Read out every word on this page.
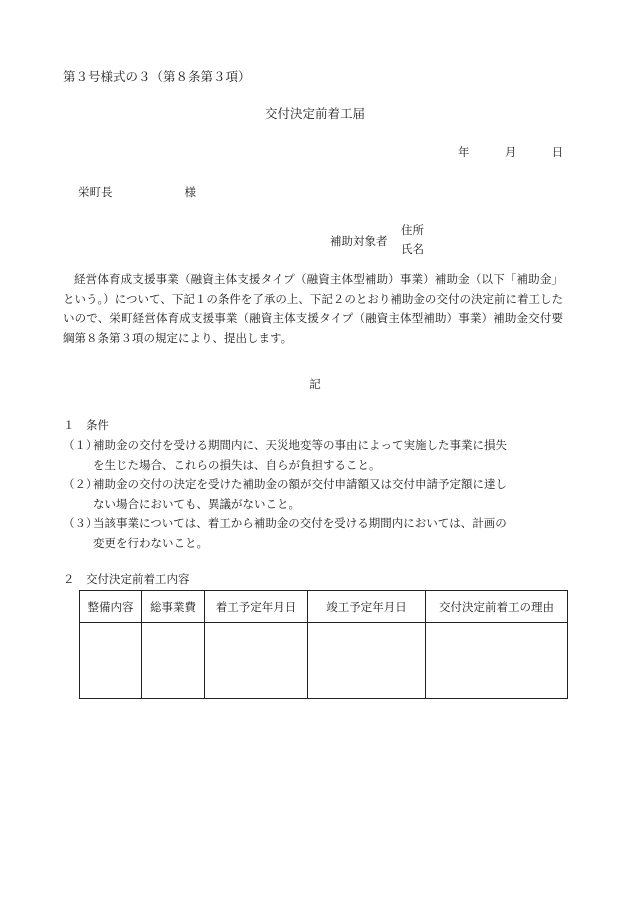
第３号様式の３（第８条第３項）
交付決定前着工届
年	月	日
栄町長	様
補助対象者
住所
氏名
経営体育成支援事業（融資主体支援タイプ（融資主体型補助）事業）補助金（以下「補助金」という。）について、下記１の条件を了承の上、下記２のとおり補助金の交付の決定前に着工したいので、栄町経営体育成支援事業（融資主体支援タイプ（融資主体型補助）事業）補助金交付要綱第８条第３項の規定により、提出します。
記
１　条件
（１）補助金の交付を受ける期間内に、天災地変等の事由によって実施した事業に損失
を生じた場合、これらの損失は、自らが負担すること。
（２）補助金の交付の決定を受けた補助金の額が交付申請額又は交付申請予定額に達し
ない場合においても、異議がないこと。
（３）当該事業については、着工から補助金の交付を受ける期間内においては、計画の
変更を行わないこと。
２　交付決定前着工内容
整備内容	総事業費	着工予定年月日	竣工予定年月日	交付決定前着工の理由
